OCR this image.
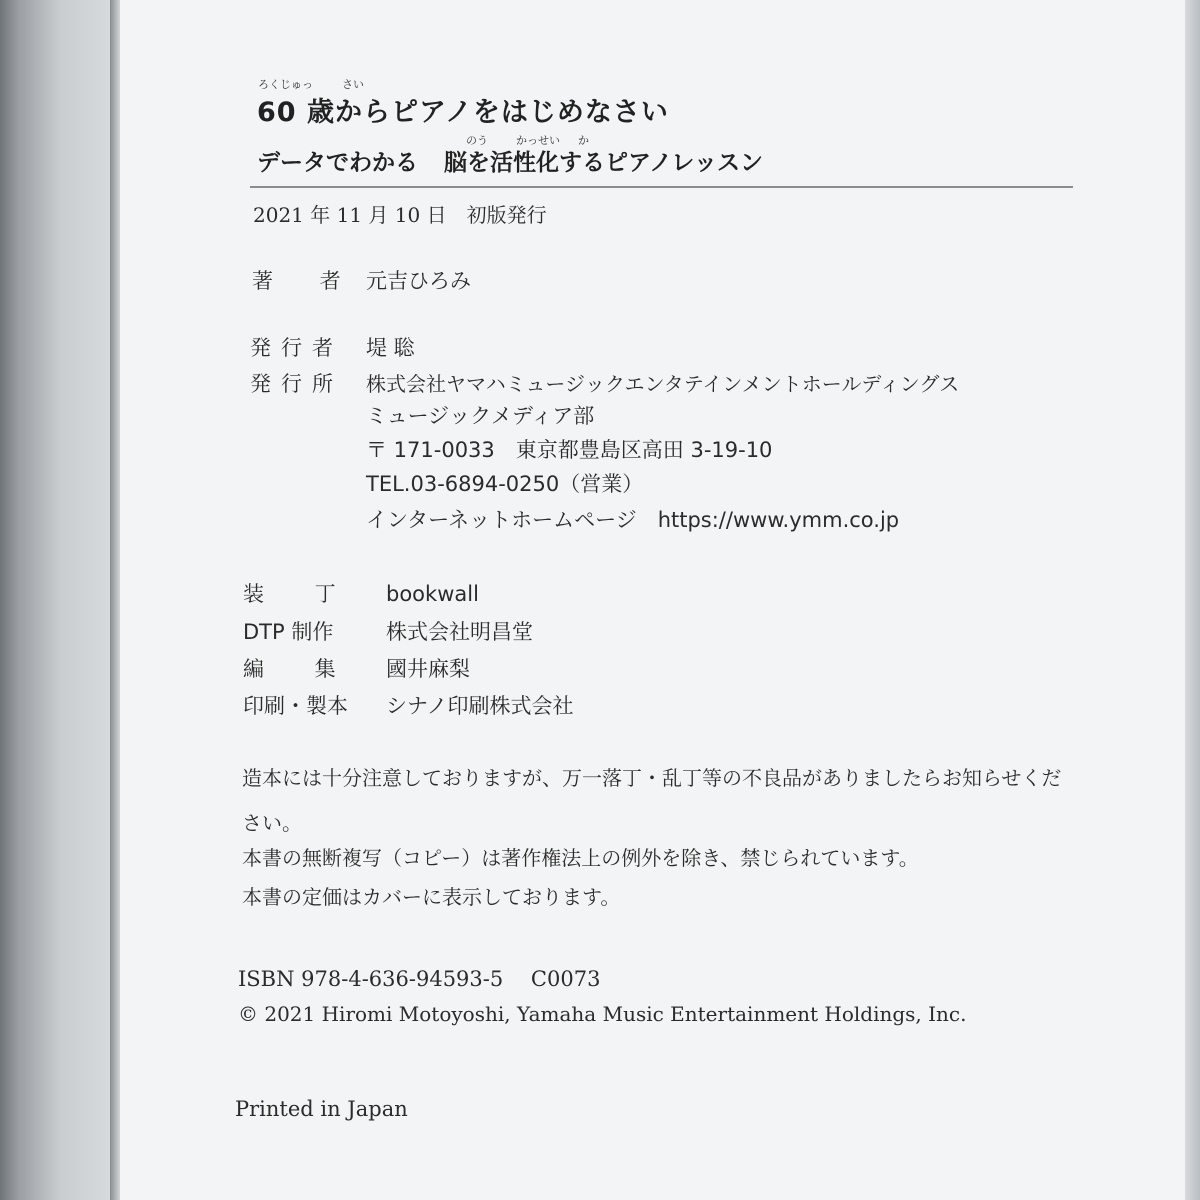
ろくじゅっ	さい
60 歳からピアノをはじめなさい
のう	かっせい か
データでわかる 脳を活性化するピアノレッスン
2021 年 11 月 10 日　初版発行
著 者 元吉ひろみ
発行者 堤 聡
発行所 株式会社ヤマハミュージックエンタテインメントホールディングス
ミュージックメディア部
〒 171-0033　東京都豊島区高田 3-19-10
TEL.03-6894-0250（営業）
インターネットホームページ　https://www.ymm.co.jp
装 丁 bookwall
DTP 制作	株式会社明昌堂
編 集 國井麻梨
印刷・製本 シナノ印刷株式会社
造本には十分注意しておりますが、万一落丁・乱丁等の不良品がありましたらお知らせくだ
さい。
本書の無断複写（コピー）は著作権法上の例外を除き、禁じられています。
本書の定価はカバーに表示しております。
ISBN 978-4-636-94593-5　 C0073
© 2021 Hiromi Motoyoshi, Yamaha Music Entertainment Holdings, Inc.
Printed in Japan
